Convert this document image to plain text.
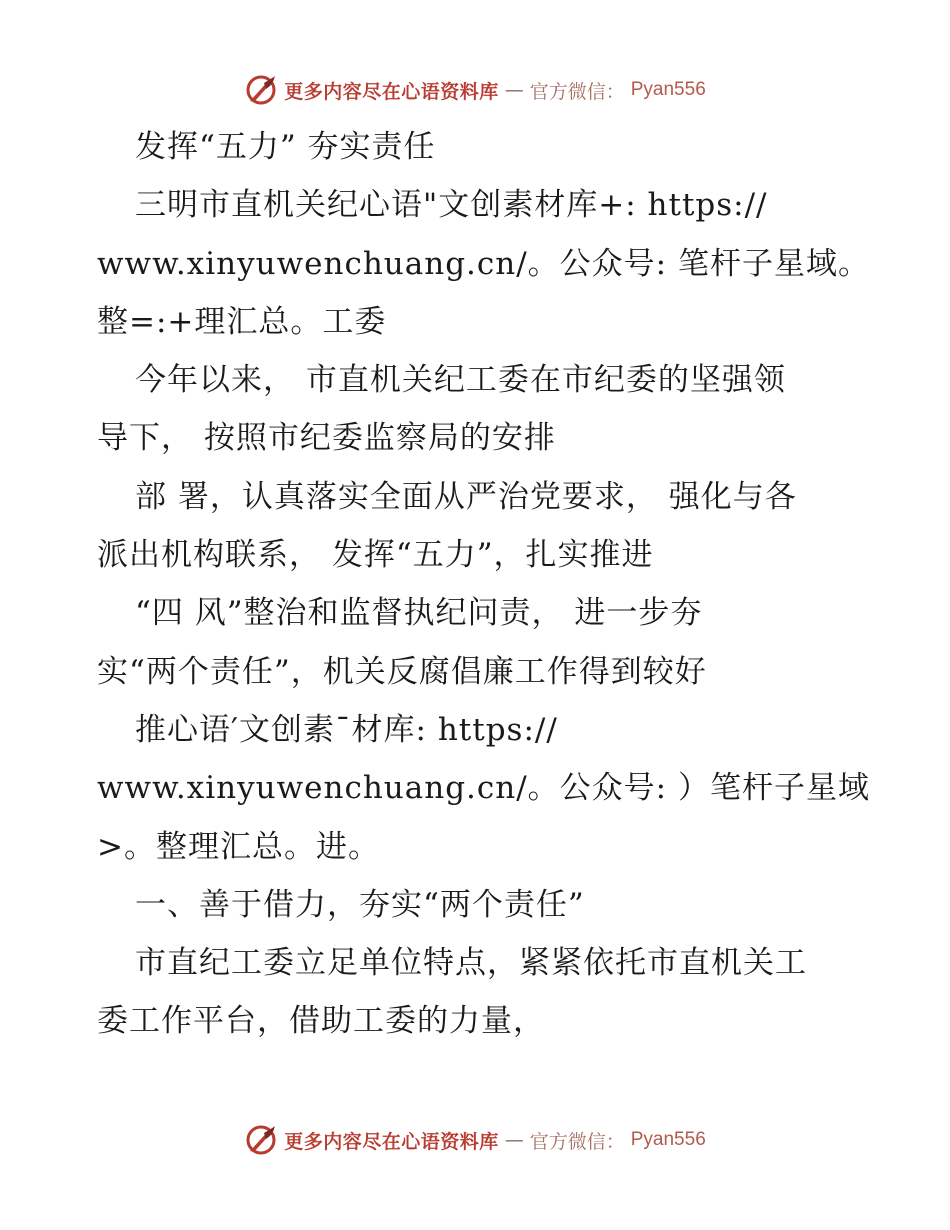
更多内容尽在心语资料库 — 官方微信： Pyan556
发挥“五力” 夯实责任
三明市直机关纪心语"文创素材库+: https://
www.xinyuwenchuang.cn/。公众号: 笔杆子星域。
整=:+理汇总。工委
今年以来， 市直机关纪工委在市纪委的坚强领
导下， 按照市纪委监察局的安排
部 署，认真落实全面从严治党要求， 强化与各
派出机构联系， 发挥“五力”，扎实推进
“四 风”整治和监督执纪问责， 进一步夯
实“两个责任”，机关反腐倡廉工作得到较好
推心语′文创素¯材库: https://
www.xinyuwenchuang.cn/。公众号: ）笔杆子星域
>。整理汇总。进。
一、善于借力，夯实“两个责任”
市直纪工委立足单位特点，紧紧依托市直机关工
委工作平台，借助工委的力量，
更多内容尽在心语资料库 — 官方微信： Pyan556
